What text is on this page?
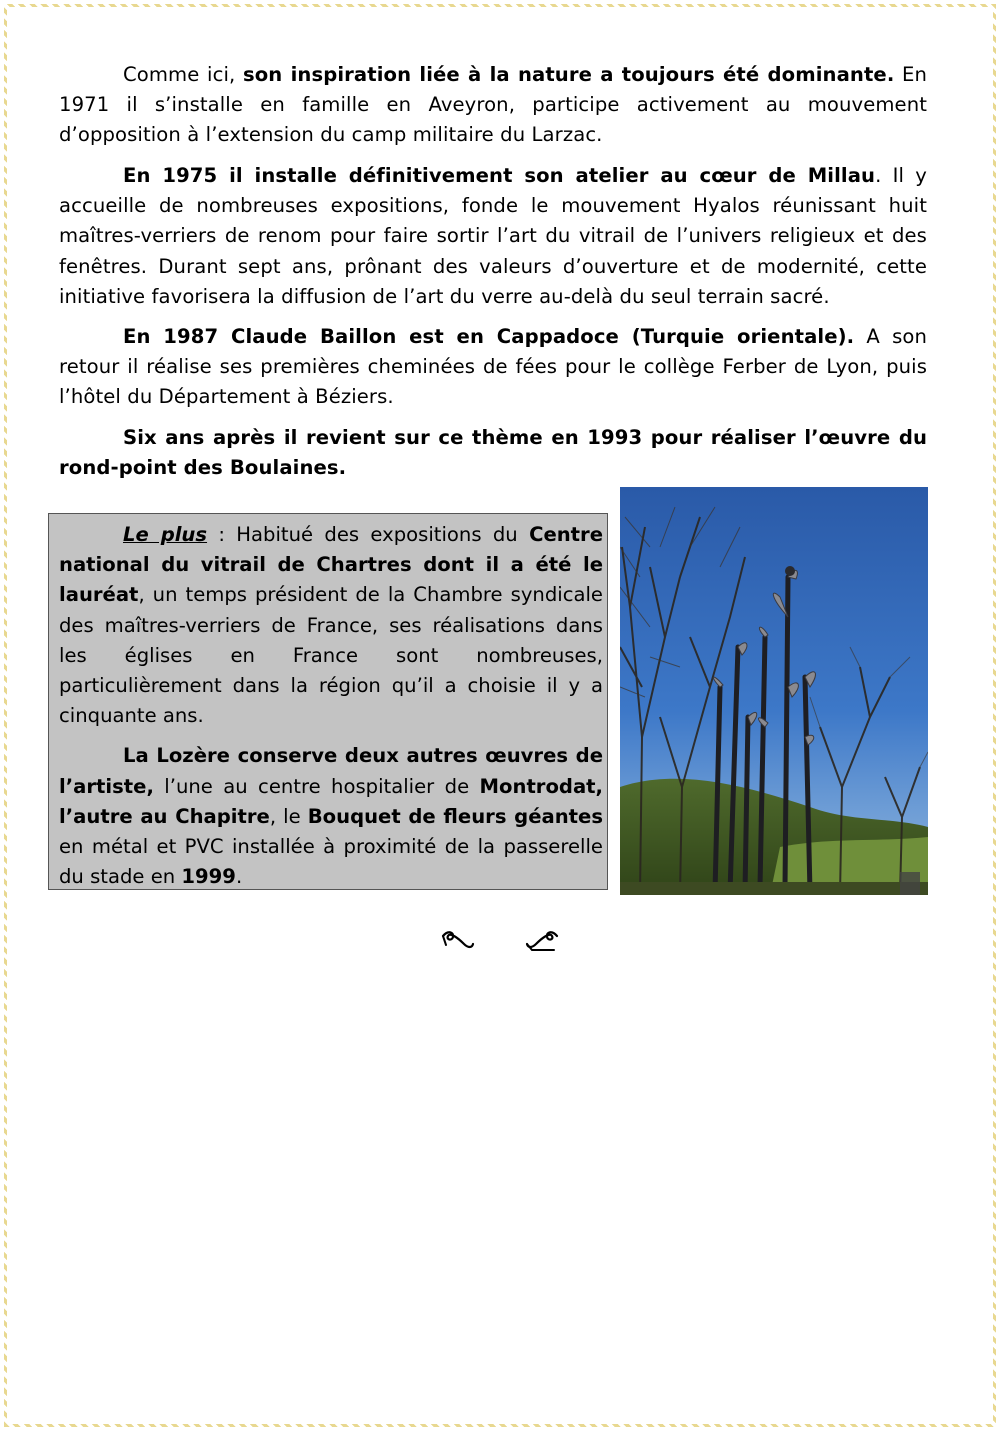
Comme ici, son inspiration liée à la nature a toujours été dominante. En 1971 il s’installe en famille en Aveyron, participe activement au mouvement d’opposition à l’extension du camp militaire du Larzac.

En 1975 il installe définitivement son atelier au cœur de Millau. Il y accueille de nombreuses expositions, fonde le mouvement Hyalos réunissant huit maîtres-verriers de renom pour faire sortir l’art du vitrail de l’univers religieux et des fenêtres. Durant sept ans, prônant des valeurs d’ouverture et de modernité, cette initiative favorisera la diffusion de l’art du verre au-delà du seul terrain sacré.

En 1987 Claude Baillon est en Cappadoce (Turquie orientale). A son retour il réalise ses premières cheminées de fées pour le collège Ferber de Lyon, puis l’hôtel du Département à Béziers.

Six ans après il revient sur ce thème en 1993 pour réaliser l’œuvre du rond-point des Boulaines.

Le plus : Habitué des expositions du Centre national du vitrail de Chartres dont il a été le lauréat, un temps président de la Chambre syndicale des maîtres-verriers de France, ses réalisations dans les églises en France sont nombreuses, particulièrement dans la région qu’il a choisie il y a cinquante ans.

La Lozère conserve deux autres œuvres de l’artiste, l’une au centre hospitalier de Montrodat, l’autre au Chapitre, le Bouquet de fleurs géantes en métal et PVC installée à proximité de la passerelle du stade en 1999.
